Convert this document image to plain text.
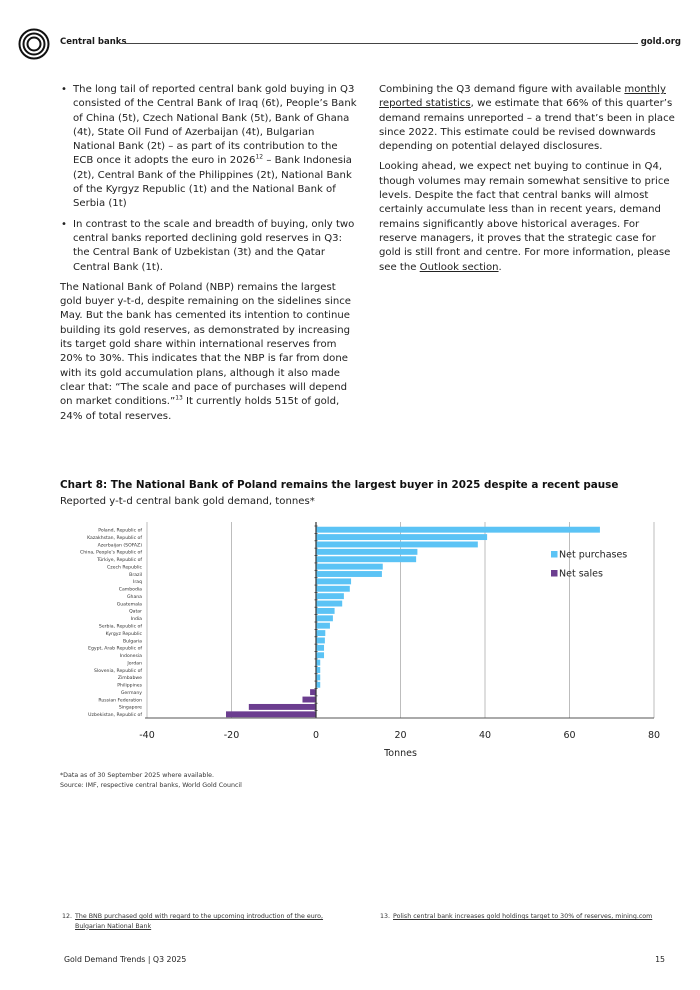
Central banks	gold.org
• The long tail of reported central bank gold buying in Q3 consisted of the Central Bank of Iraq (6t), People’s Bank of China (5t), Czech National Bank (5t), Bank of Ghana (4t), State Oil Fund of Azerbaijan (4t), Bulgarian National Bank (2t) – as part of its contribution to the ECB once it adopts the euro in 2026$^{12}$ – Bank Indonesia (2t), Central Bank of the Philippines (2t), National Bank of the Kyrgyz Republic (1t) and the National Bank of Serbia (1t)
• In contrast to the scale and breadth of buying, only two central banks reported declining gold reserves in Q3: the Central Bank of Uzbekistan (3t) and the Qatar Central Bank (1t).

The National Bank of Poland (NBP) remains the largest gold buyer y-t-d, despite remaining on the sidelines since May. But the bank has cemented its intention to continue building its gold reserves, as demonstrated by increasing its target gold share within international reserves from 20% to 30%. This indicates that the NBP is far from done with its gold accumulation plans, although it also made clear that: “The scale and pace of purchases will depend on market conditions.”$^{13}$ It currently holds 515t of gold, 24% of total reserves.

Combining the Q3 demand figure with available monthly reported statistics, we estimate that 66% of this quarter’s demand remains unreported – a trend that’s been in place since 2022. This estimate could be revised downwards depending on potential delayed disclosures.

Looking ahead, we expect net buying to continue in Q4, though volumes may remain somewhat sensitive to price levels. Despite the fact that central banks will almost certainly accumulate less than in recent years, demand remains significantly above historical averages. For reserve managers, it proves that the strategic case for gold is still front and centre. For more information, please see the Outlook section.

Chart 8: The National Bank of Poland remains the largest buyer in 2025 despite a recent pause
Reported y-t-d central bank gold demand, tonnes*
Poland, Republic of
Kazakhstan, Republic of
Azerbaijan (SOFAZ)
China, People's Republic of
Türkiye, Republic of
Czech Republic
Brazil
Iraq
Cambodia
Ghana
Guatemala
Qatar
India
Serbia, Republic of
Kyrgyz Republic
Bulgaria
Egypt, Arab Republic of
Indonesia
Jordan
Slovenia, Republic of
Zimbabwe
Philippines
Germany
Russian Federation
Singapore
Uzbekistan, Republic of
-40	-20	0	20	40	60	80
Tonnes
Net purchases
Net sales
*Data as of 30 September 2025 where available.
Source: IMF, respective central banks, World Gold Council
12. The BNB purchased gold with regard to the upcoming introduction of the euro, Bulgarian National Bank
13. Polish central bank increases gold holdings target to 30% of reserves, mining.com
Gold Demand Trends | Q3 2025	15
